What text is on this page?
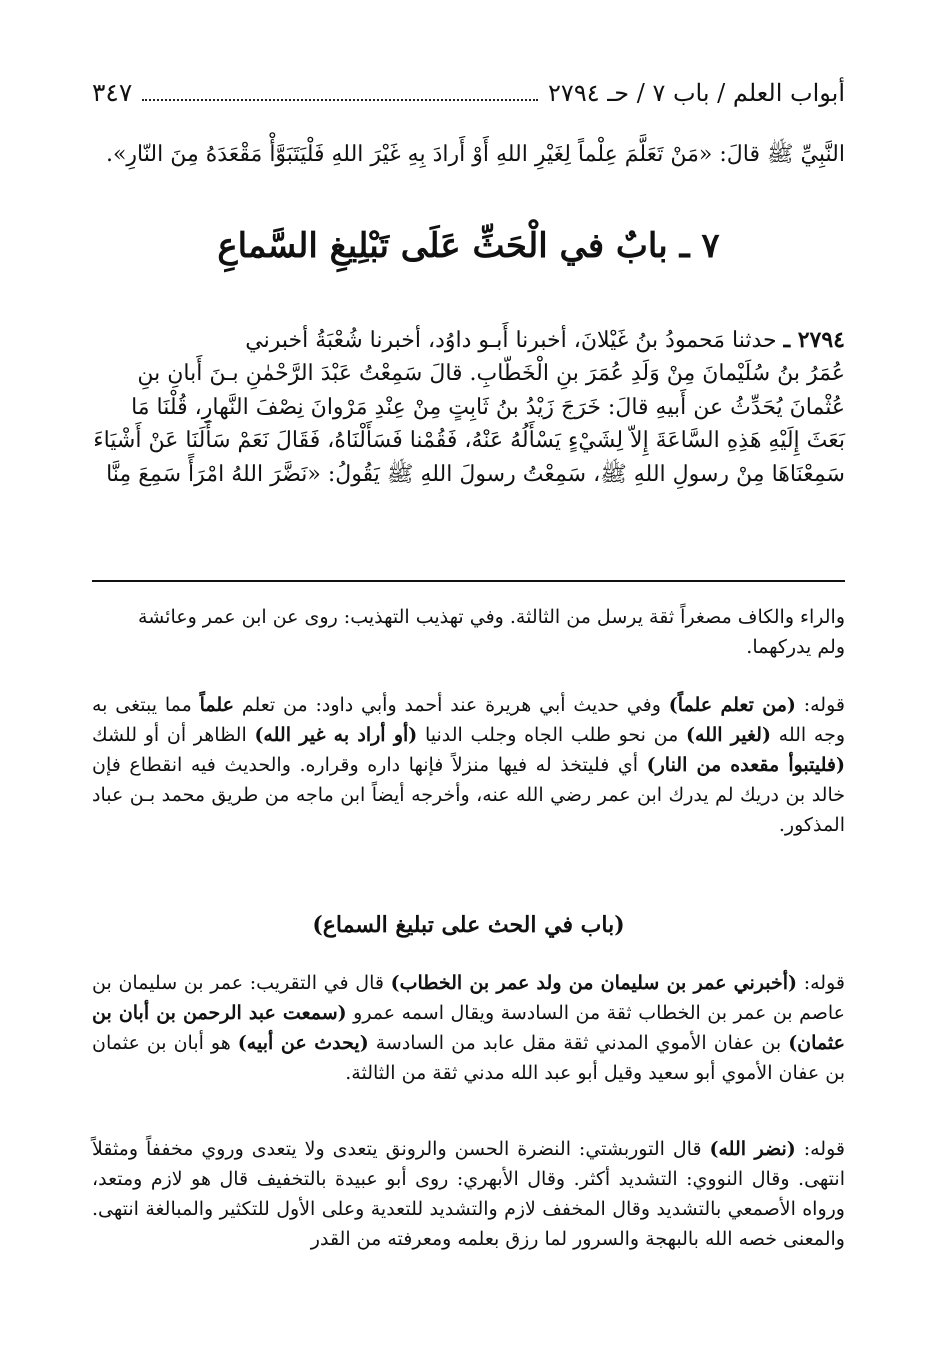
أبواب العلم / باب ٧ / حـ ٢٧٩٤
٣٤٧
النَّبِيِّ ﷺ قالَ: «مَنْ تَعَلَّمَ عِلْماً لِغَيْرِ اللهِ أَوْ أَرادَ بِهِ غَيْرَ اللهِ فَلْيَتَبَوَّأْ مَقْعَدَهُ مِنَ النّارِ».
٧ ـ بابٌ في الْحَثِّ عَلَى تَبْلِيغِ السَّماعِ
٢٧٩٤ ـ حدثنا مَحمودُ بنُ غَيْلانَ، أخبرنا أَبـو داوُد، أخبرنا شُعْبَةُ أخبرني
عُمَرُ بنُ سُلَيْمانَ مِنْ وَلَدِ عُمَرَ بنِ الْخَطّابِ. قالَ سَمِعْتُ عَبْدَ الرَّحْمٰنِ بـنَ أَبانِ بنِ
عُثْمانَ يُحَدِّثُ عن أَبيهِ قالَ: خَرَجَ زَيْدُ بنُ ثَابِتٍ مِنْ عِنْدِ مَرْوانَ نِصْفَ النَّهارِ، قُلْنَا مَا
بَعَثَ إِلَيْهِ هَذِهِ السَّاعَةَ إِلاّ لِشَيْءٍ يَسْأَلُهُ عَنْهُ، فَقُمْنا فَسَأَلْنَاهُ، فَقَالَ نَعَمْ سَأَلَنَا عَنْ أَشْيَاءَ
سَمِعْنَاهَا مِنْ رسولِ اللهِ ﷺ، سَمِعْتُ رسولَ اللهِ ﷺ يَقُولُ: «نَضَّرَ اللهُ امْرَأً سَمِعَ مِنَّا
والراء والكاف مصغراً ثقة يرسل من الثالثة. وفي تهذيب التهذيب: روى عن ابن عمر وعائشة
ولم يدركهما.
قوله: (من تعلم علماً) وفي حديث أبي هريرة عند أحمد وأبي داود: من تعلم علماً مما يبتغى به وجه الله (لغير الله) من نحو طلب الجاه وجلب الدنيا (أو أراد به غير الله) الظاهر أن أو للشك (فليتبوأ مقعده من النار) أي فليتخذ له فيها منزلاً فإنها داره وقراره. والحديث فيه انقطاع فإن خالد بن دريك لم يدرك ابن عمر رضي الله عنه، وأخرجه أيضاً ابن ماجه من طريق محمد بـن عباد المذكور.
(باب في الحث على تبليغ السماع)
قوله: (أخبرني عمر بن سليمان من ولد عمر بن الخطاب) قال في التقريب: عمر بن سليمان بن عاصم بن عمر بن الخطاب ثقة من السادسة ويقال اسمه عمرو (سمعت عبد الرحمن بن أبان بن عثمان) بن عفان الأموي المدني ثقة مقل عابد من السادسة (يحدث عن أبيه) هو أبان بن عثمان بن عفان الأموي أبو سعيد وقيل أبو عبد الله مدني ثقة من الثالثة.
قوله: (نضر الله) قال التوربشتي: النضرة الحسن والرونق يتعدى ولا يتعدى وروي مخففاً ومثقلاً انتهى. وقال النووي: التشديد أكثر. وقال الأبهري: روى أبو عبيدة بالتخفيف قال هو لازم ومتعد، ورواه الأصمعي بالتشديد وقال المخفف لازم والتشديد للتعدية وعلى الأول للتكثير والمبالغة انتهى. والمعنى خصه الله بالبهجة والسرور لما رزق بعلمه ومعرفته من القدر
